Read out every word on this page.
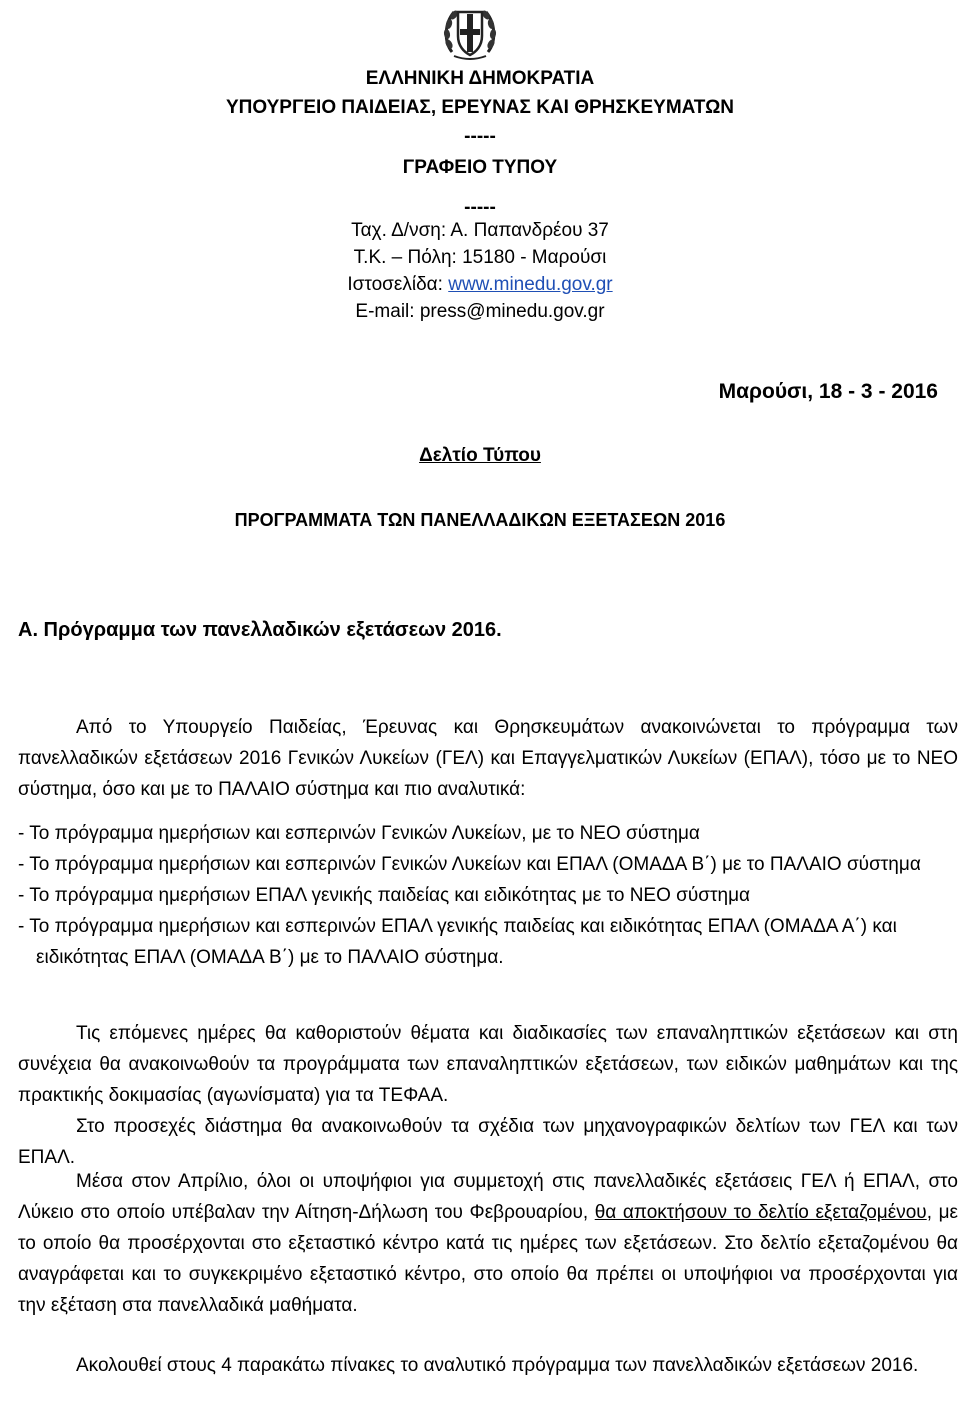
ΕΛΛΗΝΙΚΗ ΔΗΜΟΚΡΑΤΙΑ
ΥΠΟΥΡΓΕΙΟ ΠΑΙΔΕΙΑΣ, ΕΡΕΥΝΑΣ ΚΑΙ ΘΡΗΣΚΕΥΜΑΤΩΝ
-----
ΓΡΑΦΕΙΟ ΤΥΠΟΥ
-----
Ταχ. Δ/νση: Α. Παπανδρέου 37
Τ.Κ. – Πόλη: 15180 - Μαρούσι
Ιστοσελίδα: www.minedu.gov.gr
E-mail: press@minedu.gov.gr
Μαρούσι, 18 - 3 - 2016
Δελτίο Τύπου
ΠΡΟΓΡΑΜΜΑΤΑ ΤΩΝ ΠΑΝΕΛΛΑΔΙΚΩΝ ΕΞΕΤΑΣΕΩΝ 2016
Α. Πρόγραμμα των πανελλαδικών εξετάσεων 2016.
Από το Υπουργείο Παιδείας, Έρευνας και Θρησκευμάτων ανακοινώνεται το πρόγραμμα των πανελλαδικών εξετάσεων 2016 Γενικών Λυκείων (ΓΕΛ) και Επαγγελματικών Λυκείων (ΕΠΑΛ), τόσο με το ΝΕΟ σύστημα, όσο και με το ΠΑΛΑΙΟ σύστημα και πιο αναλυτικά:
- Το πρόγραμμα ημερήσιων και εσπερινών Γενικών Λυκείων, με το ΝΕΟ σύστημα
- Το πρόγραμμα ημερήσιων και εσπερινών Γενικών Λυκείων και ΕΠΑΛ (ΟΜΑΔΑ Β΄) με το ΠΑΛΑΙΟ σύστημα
- Το πρόγραμμα ημερήσιων ΕΠΑΛ γενικής παιδείας και ειδικότητας με το ΝΕΟ σύστημα
- Το πρόγραμμα ημερήσιων και εσπερινών ΕΠΑΛ γενικής παιδείας και ειδικότητας ΕΠΑΛ (ΟΜΑΔΑ Α΄) και ειδικότητας ΕΠΑΛ (ΟΜΑΔΑ Β΄) με το ΠΑΛΑΙΟ σύστημα.
Τις επόμενες ημέρες θα καθοριστούν θέματα και διαδικασίες των επαναληπτικών εξετάσεων και στη συνέχεια θα ανακοινωθούν τα προγράμματα των επαναληπτικών εξετάσεων, των ειδικών μαθημάτων και της πρακτικής δοκιμασίας (αγωνίσματα) για τα ΤΕΦΑΑ.
Στο προσεχές διάστημα θα ανακοινωθούν τα σχέδια των μηχανογραφικών δελτίων των ΓΕΛ και των ΕΠΑΛ.
Μέσα στον Απρίλιο, όλοι οι υποψήφιοι για συμμετοχή στις πανελλαδικές εξετάσεις ΓΕΛ ή ΕΠΑΛ, στο Λύκειο στο οποίο υπέβαλαν την Αίτηση-Δήλωση του Φεβρουαρίου, θα αποκτήσουν το δελτίο εξεταζομένου, με το οποίο θα προσέρχονται στο εξεταστικό κέντρο κατά τις ημέρες των εξετάσεων. Στο δελτίο εξεταζομένου θα αναγράφεται και το συγκεκριμένο εξεταστικό κέντρο, στο οποίο θα πρέπει οι υποψήφιοι να προσέρχονται για την εξέταση στα πανελλαδικά μαθήματα.
Ακολουθεί στους 4 παρακάτω πίνακες το αναλυτικό πρόγραμμα των πανελλαδικών εξετάσεων 2016.
